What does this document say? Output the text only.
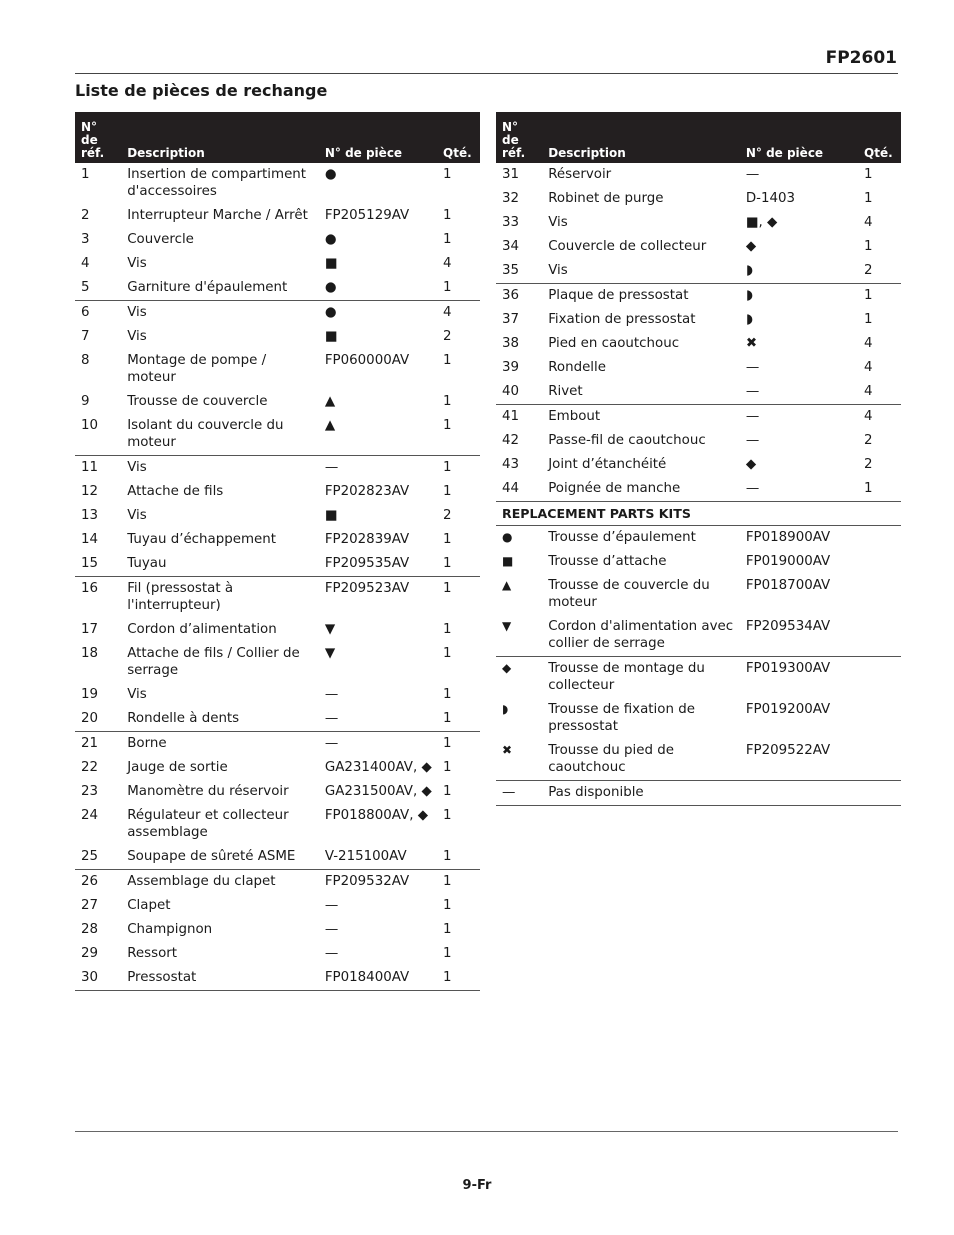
FP2601
Liste de pièces de rechange
N°
de
réf.	Description	N° de pièce	Qté.
1	Insertion de compartiment d'accessoires	●	1
2	Interrupteur Marche / Arrêt	FP205129AV	1
3	Couvercle	●	1
4	Vis	■	4
5	Garniture d'épaulement	●	1
6	Vis	●	4
7	Vis	■	2
8	Montage de pompe / moteur	FP060000AV	1
9	Trousse de couvercle	▲	1
10	Isolant du couvercle du moteur	▲	1
11	Vis	—	1
12	Attache de fils	FP202823AV	1
13	Vis	■	2
14	Tuyau d’échappement	FP202839AV	1
15	Tuyau	FP209535AV	1
16	Fil (pressostat à l'interrupteur)	FP209523AV	1
17	Cordon d’alimentation	▼	1
18	Attache de fils / Collier de serrage	▼	1
19	Vis	—	1
20	Rondelle à dents	—	1
21	Borne	—	1
22	Jauge de sortie	GA231400AV, ◆	1
23	Manomètre du réservoir	GA231500AV, ◆	1
24	Régulateur et collecteur assemblage	FP018800AV, ◆	1
25	Soupape de sûreté ASME	V-215100AV	1
26	Assemblage du clapet	FP209532AV	1
27	Clapet	—	1
28	Champignon	—	1
29	Ressort	—	1
30	Pressostat	FP018400AV	1
N°
de
réf.	Description	N° de pièce	Qté.
31	Réservoir	—	1
32	Robinet de purge	D-1403	1
33	Vis	■, ◆	4
34	Couvercle de collecteur	◆	1
35	Vis	◗	2
36	Plaque de pressostat	◗	1
37	Fixation de pressostat	◗	1
38	Pied en caoutchouc	✖	4
39	Rondelle	—	4
40	Rivet	—	4
41	Embout	—	4
42	Passe-fil de caoutchouc	—	2
43	Joint d’étanchéité	◆	2
44	Poignée de manche	—	1
REPLACEMENT PARTS KITS			
●	Trousse d’épaulement	FP018900AV	
■	Trousse d’attache	FP019000AV	
▲	Trousse de couvercle du moteur	FP018700AV	
▼	Cordon d'alimentation avec collier de serrage	FP209534AV	
◆	Trousse de montage du collecteur	FP019300AV	
◗	Trousse de fixation de pressostat	FP019200AV	
✖	Trousse du pied de caoutchouc	FP209522AV	
—	Pas disponible		
9-Fr
